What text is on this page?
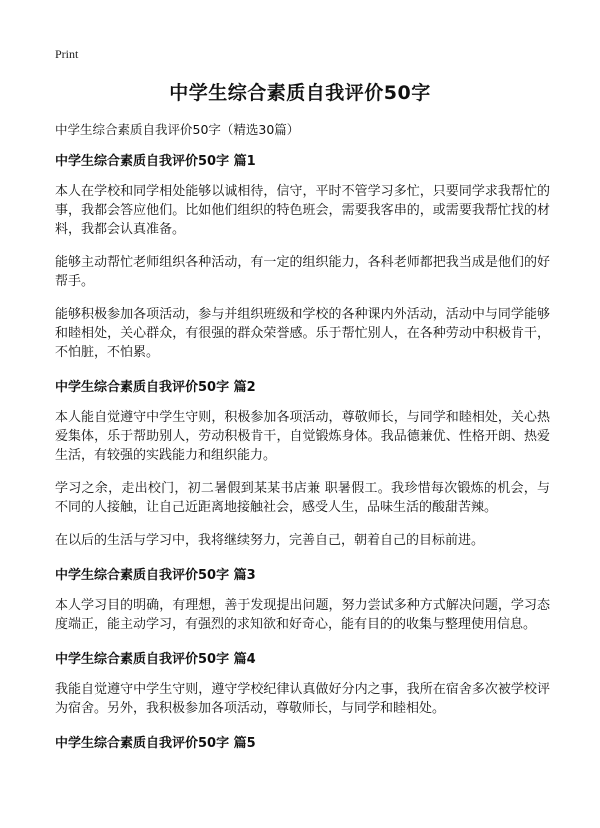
Print
中学生综合素质自我评价50字
中学生综合素质自我评价50字（精选30篇）
中学生综合素质自我评价50字 篇1

本人在学校和同学相处能够以诚相待，信守，平时不管学习多忙，只要同学求我帮忙的事，我都会答应他们。比如他们组织的特色班会，需要我客串的，或需要我帮忙找的材料，我都会认真准备。

能够主动帮忙老师组织各种活动，有一定的组织能力，各科老师都把我当成是他们的好帮手。

能够积极参加各项活动，参与并组织班级和学校的各种课内外活动，活动中与同学能够和睦相处，关心群众，有很强的群众荣誉感。乐于帮忙别人，在各种劳动中积极肯干，不怕脏，不怕累。

中学生综合素质自我评价50字 篇2

本人能自觉遵守中学生守则，积极参加各项活动，尊敬师长，与同学和睦相处，关心热爱集体，乐于帮助别人，劳动积极肯干，自觉锻炼身体。我品德兼优、性格开朗、热爱生活，有较强的实践能力和组织能力。

学习之余，走出校门，初二暑假到某某书店兼 职暑假工。我珍惜每次锻炼的机会，与不同的人接触，让自己近距离地接触社会，感受人生，品味生活的酸甜苦辣。

在以后的生活与学习中，我将继续努力，完善自己，朝着自己的目标前进。

中学生综合素质自我评价50字 篇3

本人学习目的明确，有理想，善于发现提出问题，努力尝试多种方式解决问题，学习态度端正，能主动学习，有强烈的求知欲和好奇心，能有目的的收集与整理使用信息。

中学生综合素质自我评价50字 篇4

我能自觉遵守中学生守则，遵守学校纪律认真做好分内之事，我所在宿舍多次被学校评为宿舍。另外，我积极参加各项活动，尊敬师长，与同学和睦相处。

中学生综合素质自我评价50字 篇5
